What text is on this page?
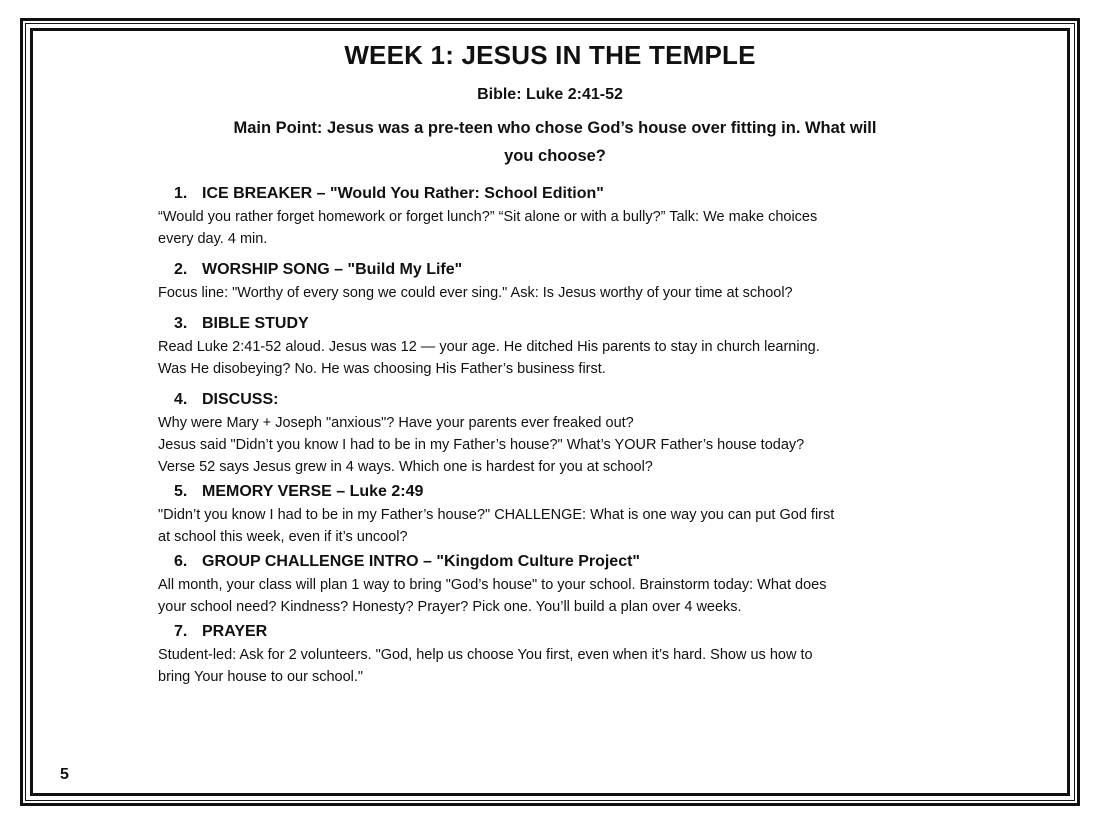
WEEK 1: JESUS IN THE TEMPLE
Bible: Luke 2:41-52
Main Point: Jesus was a pre-teen who chose God’s house over fitting in. What will you choose?
1. ICE BREAKER – "Would You Rather: School Edition"

“Would you rather forget homework or forget lunch?” “Sit alone or with a bully?” Talk: We make choices every day. 4 min.

2. WORSHIP SONG – "Build My Life"

Focus line: "Worthy of every song we could ever sing." Ask: Is Jesus worthy of your time at school?

3. BIBLE STUDY

Read Luke 2:41-52 aloud. Jesus was 12 — your age. He ditched His parents to stay in church learning. Was He disobeying? No. He was choosing His Father’s business first.

4. DISCUSS:

Why were Mary + Joseph "anxious"? Have your parents ever freaked out?

Jesus said "Didn’t you know I had to be in my Father’s house?" What’s YOUR Father’s house today?

Verse 52 says Jesus grew in 4 ways. Which one is hardest for you at school?

5. MEMORY VERSE – Luke 2:49

"Didn’t you know I had to be in my Father’s house?" CHALLENGE: What is one way you can put God first at school this week, even if it’s uncool?

6. GROUP CHALLENGE INTRO – "Kingdom Culture Project"

All month, your class will plan 1 way to bring "God’s house" to your school. Brainstorm today: What does your school need? Kindness? Honesty? Prayer? Pick one. You’ll build a plan over 4 weeks.

7. PRAYER

Student-led: Ask for 2 volunteers. "God, help us choose You first, even when it’s hard. Show us how to bring Your house to our school."

5
